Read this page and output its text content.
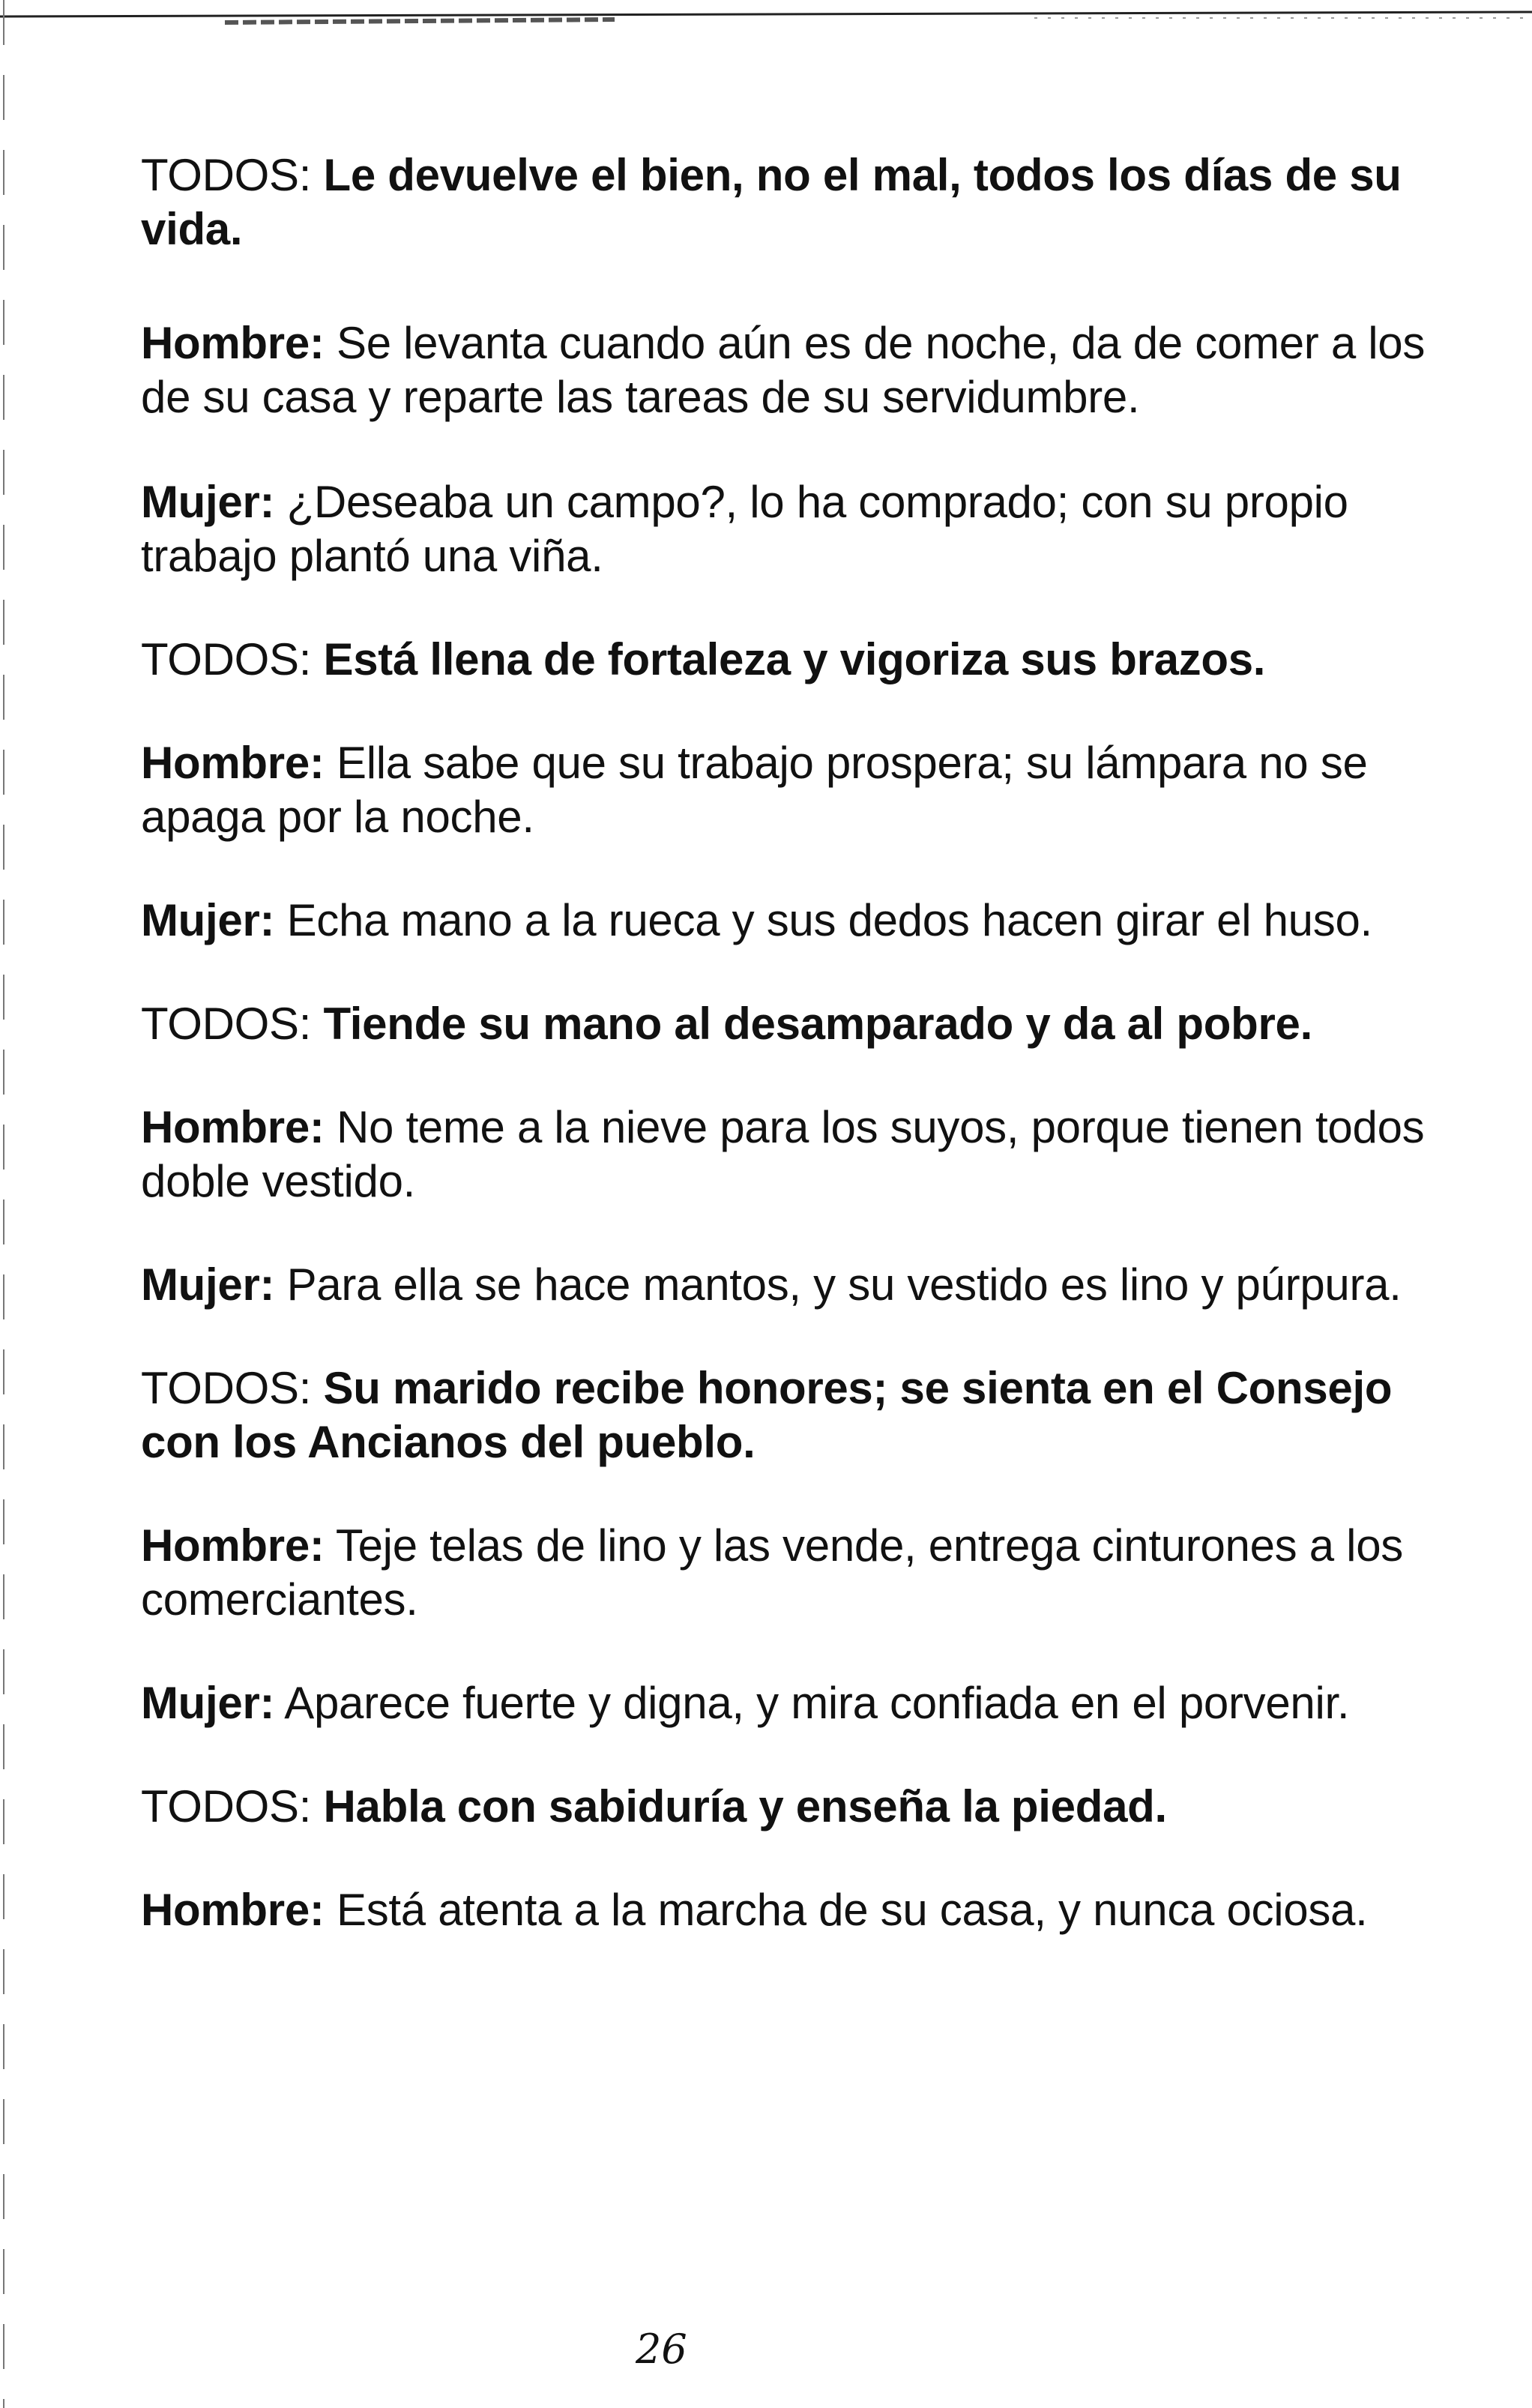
TODOS: Le devuelve el bien, no el mal, todos los días de su vida.

Hombre: Se levanta cuando aún es de noche, da de comer a los de su casa y reparte las tareas de su servidumbre.

Mujer: ¿Deseaba un campo?, lo ha comprado; con su propio trabajo plantó una viña.

TODOS: Está llena de fortaleza y vigoriza sus brazos.

Hombre: Ella sabe que su trabajo prospera; su lámpara no se apaga por la noche.

Mujer: Echa mano a la rueca y sus dedos hacen girar el huso.

TODOS: Tiende su mano al desamparado y da al pobre.

Hombre: No teme a la nieve para los suyos, porque tienen todos doble vestido.

Mujer: Para ella se hace mantos, y su vestido es lino y púrpura.

TODOS: Su marido recibe honores; se sienta en el Consejo con los Ancianos del pueblo.

Hombre: Teje telas de lino y las vende, entrega cinturones a los comerciantes.

Mujer: Aparece fuerte y digna, y mira confiada en el porvenir.

TODOS: Habla con sabiduría y enseña la piedad.

Hombre: Está atenta a la marcha de su casa, y nunca ociosa.

26
